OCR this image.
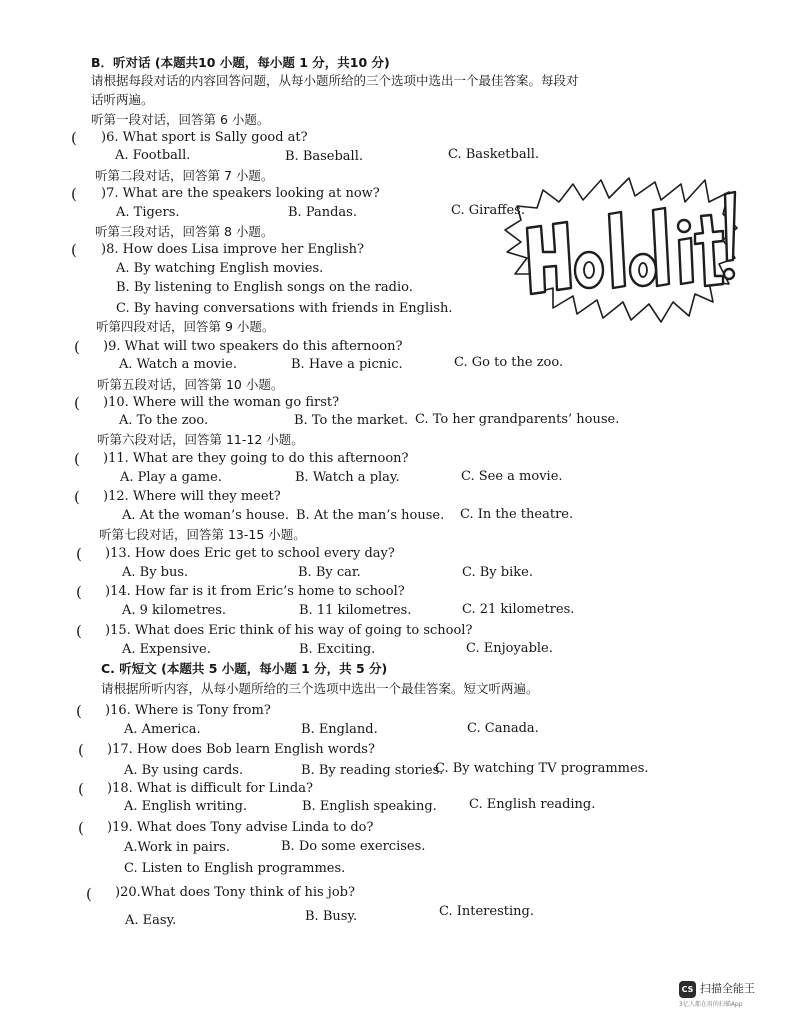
B．听对话 (本题共10 小题，每小题 1 分，共10 分)
请根据每段对话的内容回答问题，从每小题所给的三个选项中选出一个最佳答案。每段对
话听两遍。
听第一段对话，回答第 6 小题。
( )6. What sport is Sally good at?
A. Football.	B. Baseball.	C. Basketball.
听第二段对话，回答第 7 小题。
( )7. What are the speakers looking at now?
A. Tigers.	B. Pandas.	C. Giraffes.
听第三段对话，回答第 8 小题。
( )8. How does Lisa improve her English?
A. By watching English movies.
B. By listening to English songs on the radio.
C. By having conversations with friends in English.
听第四段对话，回答第 9 小题。
( )9. What will two speakers do this afternoon?
A. Watch a movie.	B. Have a picnic.	C. Go to the zoo.
听第五段对话，回答第 10 小题。
( )10. Where will the woman go first?
A. To the zoo.	B. To the market. C. To her grandparents’ house.
听第六段对话，回答第 11-12 小题。
( )11. What are they going to do this afternoon?
A. Play a game.	B. Watch a play.	C. See a movie.
( )12. Where will they meet?
A. At the woman’s house. B. At the man’s house. C. In the theatre.
听第七段对话，回答第 13-15 小题。
( )13. How does Eric get to school every day?
A. By bus.	B. By car.	C. By bike.
( )14. How far is it from Eric’s home to school?
A. 9 kilometres.	B. 11 kilometres.	C. 21 kilometres.
( )15. What does Eric think of his way of going to school?
A. Expensive.	B. Exciting.	C. Enjoyable.
C. 听短文 (本题共 5 小题，每小题 1 分，共 5 分)
请根据所听内容，从每小题所给的三个选项中选出一个最佳答案。短文听两遍。
( )16. Where is Tony from?
A. America.	B. England.	C. Canada.
( )17. How does Bob learn English words?
A. By using cards.	B. By reading stories.
C. By watching TV programmes.
( )18. What is difficult for Linda?
A. English writing.	B. English speaking. C. English reading.
( )19. What does Tony advise Linda to do?
A.Work in pairs.	B. Do some exercises.
C. Listen to English programmes.
( )20.What does Tony think of his job?
A. Easy.	B. Busy.	C. Interesting.
CS 扫描全能王
3亿人都在用的扫描App
